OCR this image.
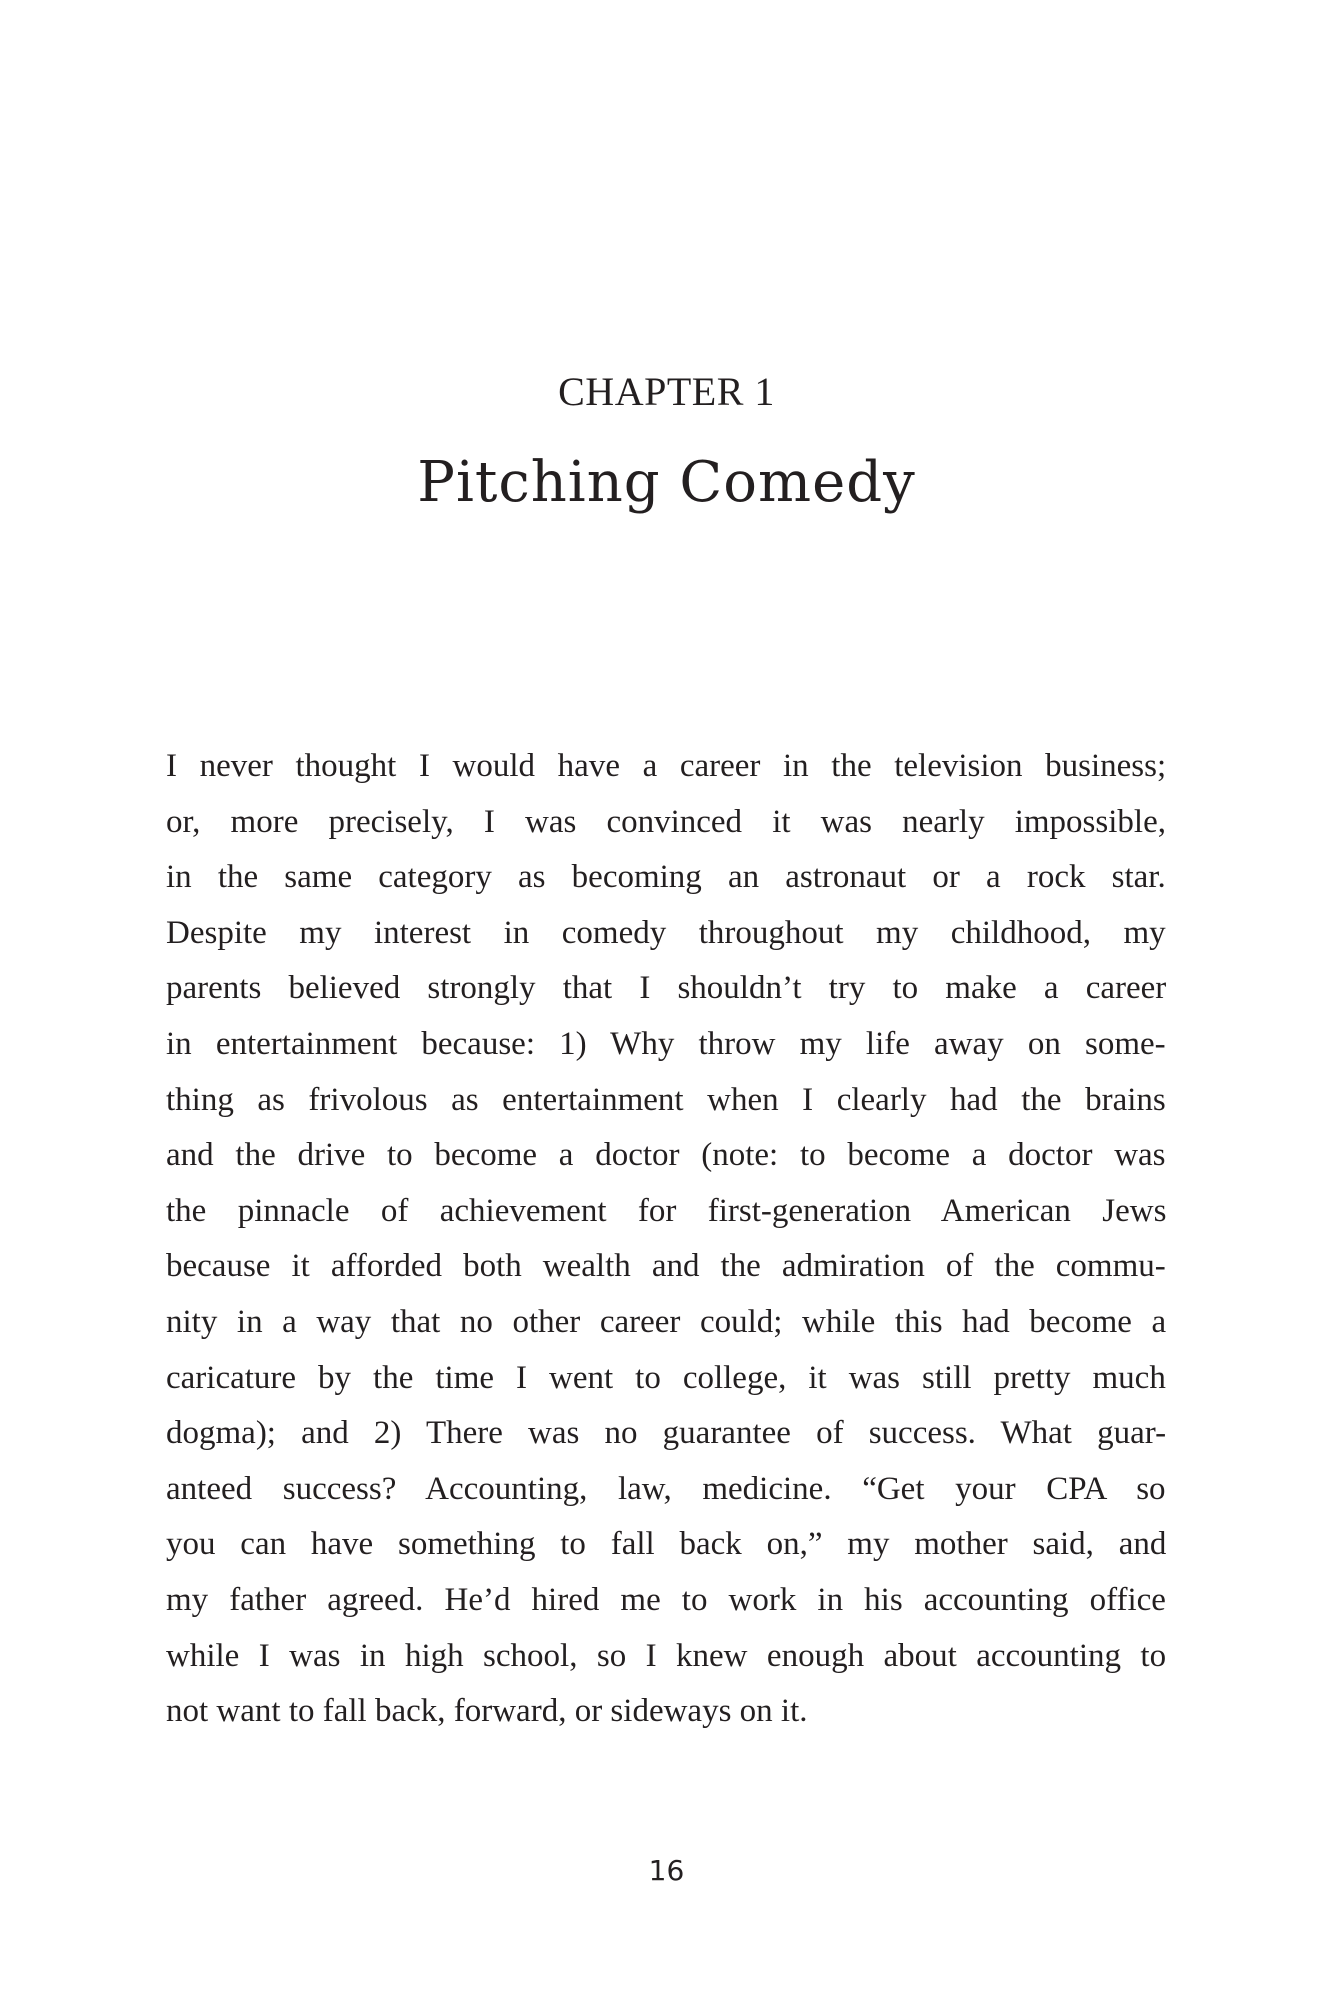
CHAPTER 1
Pitching Comedy
I never thought I would have a career in the television business;
or, more precisely, I was convinced it was nearly impossible,
in the same category as becoming an astronaut or a rock star.
Despite my interest in comedy throughout my childhood, my
parents believed strongly that I shouldn’t try to make a career
in entertainment because: 1) Why throw my life away on some-
thing as frivolous as entertainment when I clearly had the brains
and the drive to become a doctor (note: to become a doctor was
the pinnacle of achievement for first-generation American Jews
because it afforded both wealth and the admiration of the commu-
nity in a way that no other career could; while this had become a
caricature by the time I went to college, it was still pretty much
dogma); and 2) There was no guarantee of success. What guar-
anteed success? Accounting, law, medicine. “Get your CPA so
you can have something to fall back on,” my mother said, and
my father agreed. He’d hired me to work in his accounting office
while I was in high school, so I knew enough about accounting to
not want to fall back, forward, or sideways on it.
16
